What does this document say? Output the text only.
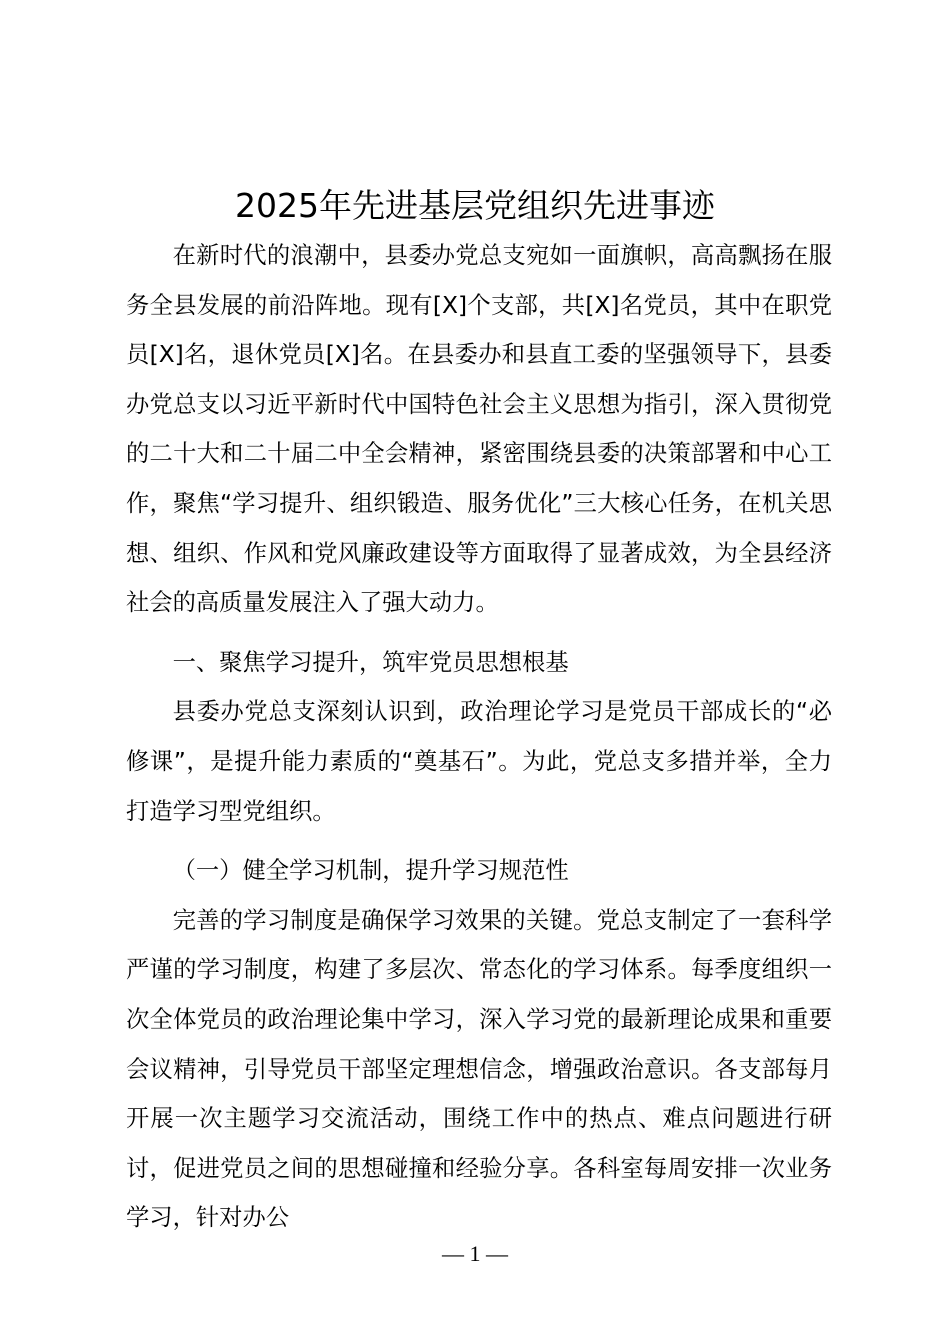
2025年先进基层党组织先进事迹

在新时代的浪潮中，县委办党总支宛如一面旗帜，高高飘扬在服务全县发展的前沿阵地。现有[X]个支部，共[X]名党员，其中在职党员[X]名，退休党员[X]名。在县委办和县直工委的坚强领导下，县委办党总支以习近平新时代中国特色社会主义思想为指引，深入贯彻党的二十大和二十届二中全会精神，紧密围绕县委的决策部署和中心工作，聚焦“学习提升、组织锻造、服务优化”三大核心任务，在机关思想、组织、作风和党风廉政建设等方面取得了显著成效，为全县经济社会的高质量发展注入了强大动力。

一、聚焦学习提升，筑牢党员思想根基

县委办党总支深刻认识到，政治理论学习是党员干部成长的“必修课”，是提升能力素质的“奠基石”。为此，党总支多措并举，全力打造学习型党组织。

（一）健全学习机制，提升学习规范性

完善的学习制度是确保学习效果的关键。党总支制定了一套科学严谨的学习制度，构建了多层次、常态化的学习体系。每季度组织一次全体党员的政治理论集中学习，深入学习党的最新理论成果和重要会议精神，引导党员干部坚定理想信念，增强政治意识。各支部每月开展一次主题学习交流活动，围绕工作中的热点、难点问题进行研讨，促进党员之间的思想碰撞和经验分享。各科室每周安排一次业务学习，针对办公

— 1 —
